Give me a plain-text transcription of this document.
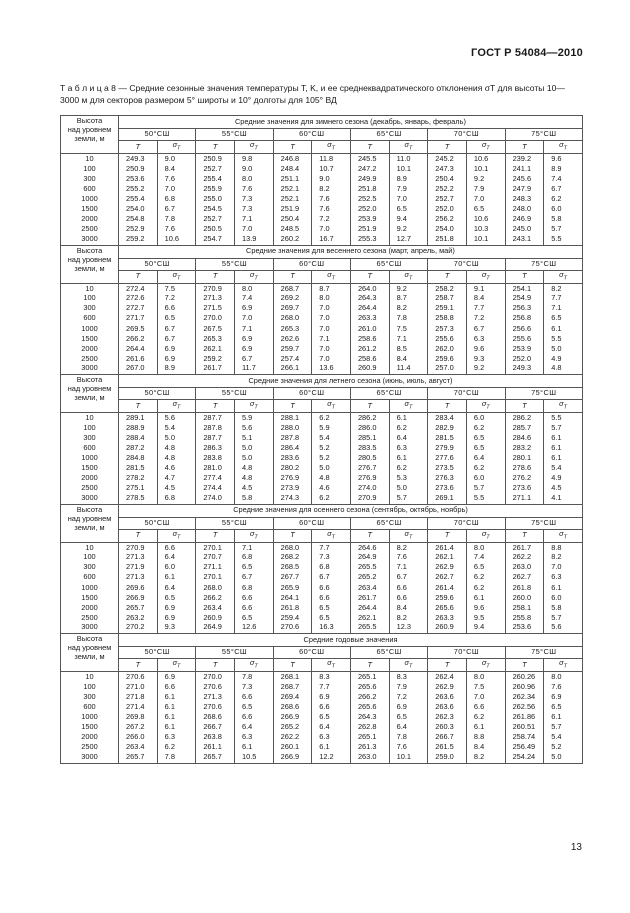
ГОСТ Р 54084—2010
Т а б л и ц а 8 — Средние сезонные значения температуры T, K, и ее среднеквадратического отклонения σT для высоты 10—3000 м для секторов размером 5° широты и 10° долготы для 105° ВД
Высота
над уровнем
земли, м	Средние значения для зимнего сезона (декабрь, январь, февраль)											
	50°СШ		55°СШ		60°СШ		65°СШ		70°СШ		75°СШ	
	T	$\sigma_T$	T	$\sigma_T$	T	$\sigma_T$	T	$\sigma_T$	T	$\sigma_T$	T	$\sigma_T$
10	249.3	9.0	250.9	9.8	246.8	11.8	245.5	11.0	245.2	10.6	239.2	9.6
100	250.9	8.4	252.7	9.0	248.4	10.7	247.2	10.1	247.3	10.1	241.1	8.9
300	253.6	7.6	255.4	8.0	251.1	9.0	249.9	8.9	250.4	9.2	245.6	7.4
600	255.2	7.0	255.9	7.6	252.1	8.2	251.8	7.9	252.2	7.9	247.9	6.7
1000	255.4	6.8	255.0	7.3	252.1	7.6	252.5	7.0	252.7	7.0	248.3	6.2
1500	254.0	6.7	254.5	7.3	251.9	7.6	252.0	6.5	252.0	6.5	248.0	6.0
2000	254.8	7.8	252.7	7.1	250.4	7.2	253.9	9.4	256.2	10.6	246.9	5.8
2500	252.9	7.6	250.5	7.0	248.5	7.0	251.9	9.2	254.0	10.3	245.0	5.7
3000	259.2	10.6	254.7	13.9	260.2	16.7	255.3	12.7	251.8	10.1	243.1	5.5
Высота
над уровнем
земли, м	Средние значения для весеннего сезона (март, апрель, май)											
	50°СШ		55°СШ		60°СШ		65°СШ		70°СШ		75°СШ	
	T	$\sigma_T$	T	$\sigma_T$	T	$\sigma_T$	T	$\sigma_T$	T	$\sigma_T$	T	$\sigma_T$
10	272.4	7.5	270.9	8.0	268.7	8.7	264.0	9.2	258.2	9.1	254.1	8.2
100	272.6	7.2	271.3	7.4	269.2	8.0	264.3	8.7	258.7	8.4	254.9	7.7
300	272.7	6.6	271.5	6.9	269.7	7.0	264.4	8.2	259.1	7.7	256.3	7.1
600	271.7	6.5	270.0	7.0	268.0	7.0	263.3	7.8	258.8	7.2	256.8	6.5
1000	269.5	6.7	267.5	7.1	265.3	7.0	261.0	7.5	257.3	6.7	256.6	6.1
1500	266.2	6.7	265.3	6.9	262.6	7.1	258.6	7.1	255.6	6.3	255.6	5.5
2000	264.4	6.9	262.1	6.9	259.7	7.0	261.2	8.5	262.0	9.6	253.9	5.0
2500	261.6	6.9	259.2	6.7	257.4	7.0	258.6	8.4	259.6	9.3	252.0	4.9
3000	267.0	8.9	261.7	11.7	266.1	13.6	260.9	11.4	257.0	9.2	249.3	4.8
Высота
над уровнем
земли, м	Средние значения для летнего сезона (июнь, июль, август)											
	50°СШ		55°СШ		60°СШ		65°СШ		70°СШ		75°СШ	
	T	$\sigma_T$	T	$\sigma_T$	T	$\sigma_T$	T	$\sigma_T$	T	$\sigma_T$	T	$\sigma_T$
10	289.1	5.6	287.7	5.9	288.1	6.2	286.2	6.1	283.4	6.0	286.2	5.5
100	288.9	5.4	287.8	5.6	288.0	5.9	286.0	6.2	282.9	6.2	285.7	5.7
300	288.4	5.0	287.7	5.1	287.8	5.4	285.1	6.4	281.5	6.5	284.6	6.1
600	287.2	4.8	286.3	5.0	286.4	5.2	283.5	6.3	279.9	6.5	283.2	6.1
1000	284.8	4.8	283.8	5.0	283.6	5.2	280.5	6.1	277.6	6.4	280.1	6.1
1500	281.5	4.6	281.0	4.8	280.2	5.0	276.7	6.2	273.5	6.2	278.6	5.4
2000	278.2	4.7	277.4	4.8	276.9	4.8	276.9	5.3	276.3	6.0	276.2	4.9
2500	275.1	4.5	274.4	4.5	273.9	4.6	274.0	5.0	273.6	5.7	273.6	4.5
3000	278.5	6.8	274.0	5.8	274.3	6.2	270.9	5.7	269.1	5.5	271.1	4.1
Высота
над уровнем
земли, м	Средние значения для осеннего сезона (сентябрь, октябрь, ноябрь)											
	50°СШ		55°СШ		60°СШ		65°СШ		70°СШ		75°СШ	
	T	$\sigma_T$	T	$\sigma_T$	T	$\sigma_T$	T	$\sigma_T$	T	$\sigma_T$	T	$\sigma_T$
10	270.9	6.6	270.1	7.1	268.0	7.7	264.6	8.2	261.4	8.0	261.7	8.8
100	271.3	6.4	270.7	6.8	268.2	7.3	264.9	7.6	262.1	7.4	262.2	8.2
300	271.9	6.0	271.1	6.5	268.5	6.8	265.5	7.1	262.9	6.5	263.0	7.0
600	271.3	6.1	270.1	6.7	267.7	6.7	265.2	6.7	262.7	6.2	262.7	6.3
1000	269.6	6.4	268.0	6.8	265.9	6.6	263.4	6.6	261.4	6.2	261.8	6.1
1500	266.9	6.5	266.2	6.6	264.1	6.6	261.7	6.6	259.6	6.1	260.0	6.0
2000	265.7	6.9	263.4	6.6	261.8	6.5	264.4	8.4	265.6	9.6	258.1	5.8
2500	263.2	6.9	260.9	6.5	259.4	6.5	262.1	8.2	263.3	9.5	255.8	5.7
3000	270.2	9.3	264.9	12.6	270.6	16.3	265.5	12.3	260.9	9.4	253.6	5.6
Высота
над уровнем
земли, м	Средние годовые значения											
	50°СШ		55°СШ		60°СШ		65°СШ		70°СШ		75°СШ	
	T	$\sigma_T$	T	$\sigma_T$	T	$\sigma_T$	T	$\sigma_T$	T	$\sigma_T$	T	$\sigma_T$
10	270.6	6.9	270.0	7.8	268.1	8.3	265.1	8.3	262.4	8.0	260.26	8.0
100	271.0	6.6	270.6	7.3	268.7	7.7	265.6	7.9	262.9	7.5	260.96	7.6
300	271.8	6.1	271.3	6.6	269.4	6.9	266.2	7.2	263.6	7.0	262.34	6.9
600	271.4	6.1	270.6	6.5	268.6	6.6	265.6	6.9	263.6	6.6	262.56	6.5
1000	269.8	6.1	268.6	6.6	266.9	6.5	264.3	6.5	262.3	6.2	261.86	6.1
1500	267.2	6.1	266.7	6.4	265.2	6.4	262.8	6.4	260.3	6.1	260.51	5.7
2000	266.0	6.3	263.8	6.3	262.2	6.3	265.1	7.8	266.7	8.8	258.74	5.4
2500	263.4	6.2	261.1	6.1	260.1	6.1	261.3	7.6	261.5	8.4	256.49	5.2
3000	265.7	7.8	265.7	10.5	266.9	12.2	263.0	10.1	259.0	8.2	254.24	5.0
13
